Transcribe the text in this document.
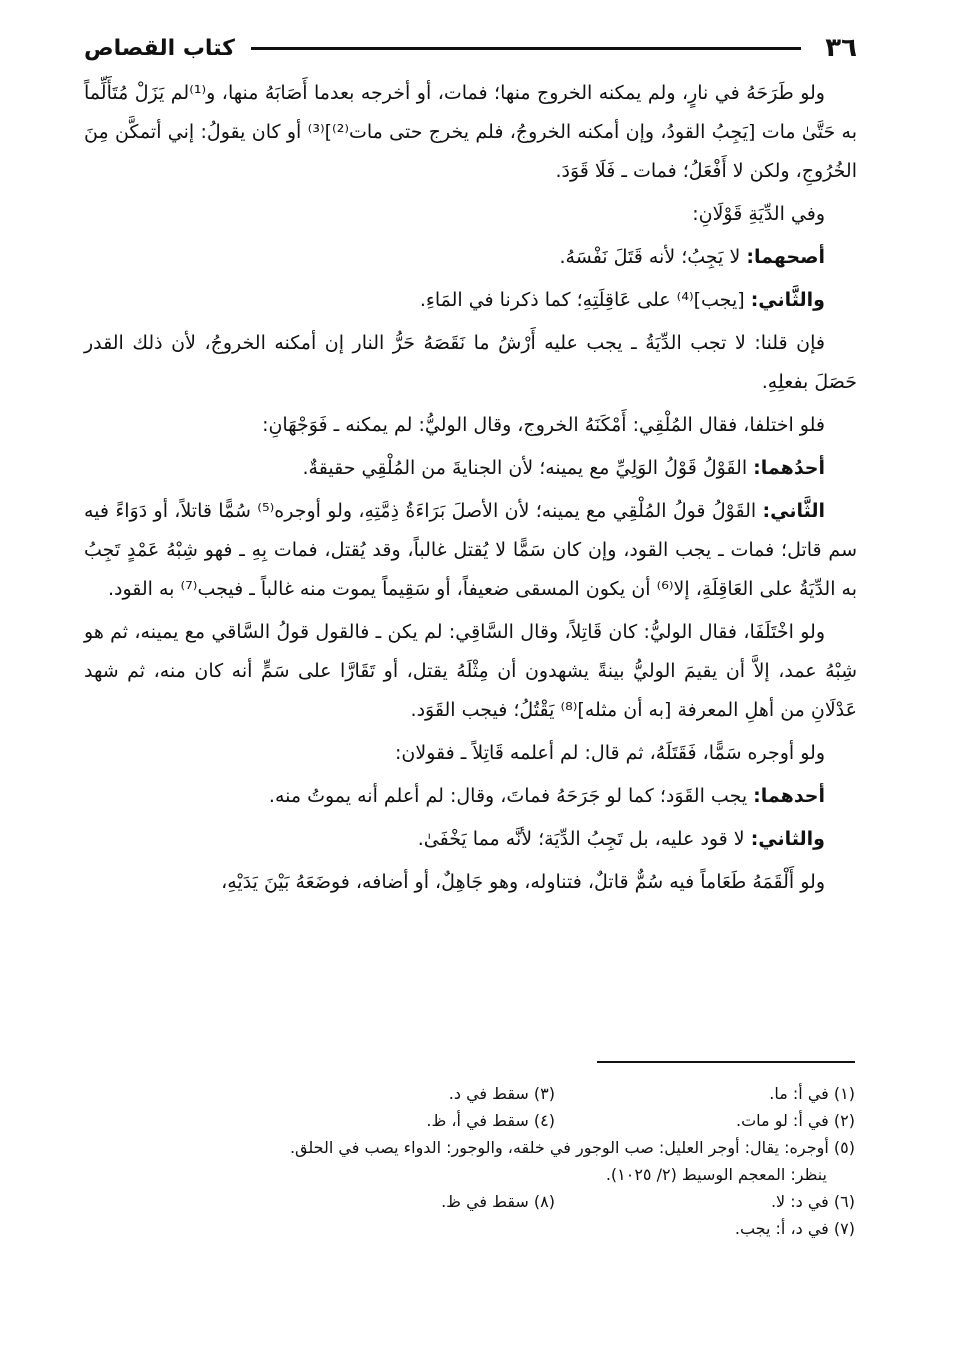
٣٦
كتاب القصاص

ولو طَرَحَهُ في نارٍ، ولم يمكنه الخروج منها؛ فمات، أو أخرجه بعدما أَصَابَهُ منها، و⁽¹⁾لم يَزَلْ مُتَأَلِّماً به حَتَّىٰ مات [يَجِبُ القودُ، وإن أمكنه الخروجُ، فلم يخرج حتى مات⁽²⁾]⁽³⁾ أو كان يقولُ: إني أتمكَّن مِنَ الخُرُوجِ، ولكن لا أَفْعَلُ؛ فمات ـ فَلَا قَوَدَ.

وفي الدِّيَةِ قَوْلَانِ:

أصحهما: لا يَجِبُ؛ لأنه قَتَلَ نَفْسَهُ.

والثَّاني: [يجب]⁽⁴⁾ على عَاقِلَتِهِ؛ كما ذكرنا في المَاءِ.

فإن قلنا: لا تجب الدِّيَةُ ـ يجب عليه أَرْشُ ما نَقَصَهُ حَرُّ النار إن أمكنه الخروجُ، لأن ذلك القدر حَصَلَ بفعلِهِ.

فلو اختلفا، فقال المُلْقِي: أَمْكَنَهُ الخروج، وقال الوليُّ: لم يمكنه ـ فَوَجْهَانِ:

أحدُهما: القَوْلُ قَوْلُ الوَلِيِّ مع يمينه؛ لأن الجنايةَ من المُلْقِي حقيقةٌ.

الثَّاني: القَوْلُ قولُ المُلْقِي مع يمينه؛ لأن الأصلَ بَرَاءَةُ ذِمَّتِهِ، ولو أوجره⁽⁵⁾ سُمًّا قاتلاً، أو دَوَاءً فيه سم قاتل؛ فمات ـ يجب القود، وإن كان سَمًّا لا يُقتل غالباً، وقد يُقتل، فمات بِهِ ـ فهو شِبْهُ عَمْدٍ تَجِبُ به الدِّيَةُ على العَاقِلَةِ، إلا⁽⁶⁾ أن يكون المسقى ضعيفاً، أو سَقِيماً يموت منه غالباً ـ فيجب⁽⁷⁾ به القود.

ولو اخْتَلَفَا، فقال الوليُّ: كان قَاتِلاً، وقال السَّاقِي: لم يكن ـ فالقول قولُ السَّاقي مع يمينه، ثم هو شِبْهُ عمد، إلاَّ أن يقيمَ الوليُّ بينةً يشهدون أن مِثْلَهُ يقتل، أو تَقَارَّا على سَمٍّ أنه كان منه، ثم شهد عَدْلَانِ من أهلِ المعرفة [به أن مثله]⁽⁸⁾ يَقْتُلُ؛ فيجب القَوَد.

ولو أوجره سَمًّا، فَقَتَلَهُ، ثم قال: لم أعلمه قَاتِلاً ـ فقولان:

أحدهما: يجب القَوَد؛ كما لو جَرَحَهُ فماتَ، وقال: لم أعلم أنه يموتُ منه.

والثاني: لا قود عليه، بل تَجِبُ الدِّيَة؛ لأنَّه مما يَخْفَىٰ.

ولو أَلْقَمَهُ طَعَاماً فيه سُمٌّ قاتلٌ، فتناوله، وهو جَاهِلٌ، أو أضافه، فوضَعَهُ بَيْنَ يَدَيْهِ،

(١) في أ: ما.
(٣) سقط في د.
(٢) في أ: لو مات.
(٤) سقط في أ، ظ.
(٥) أوجره: يقال: أوجر العليل: صب الوجور في خلقه، والوجور: الدواء يصب في الحلق.
ينظر: المعجم الوسيط (٢/ ١٠٢٥).
(٦) في د: لا.
(٨) سقط في ظ.
(٧) في د، أ: يجب.
